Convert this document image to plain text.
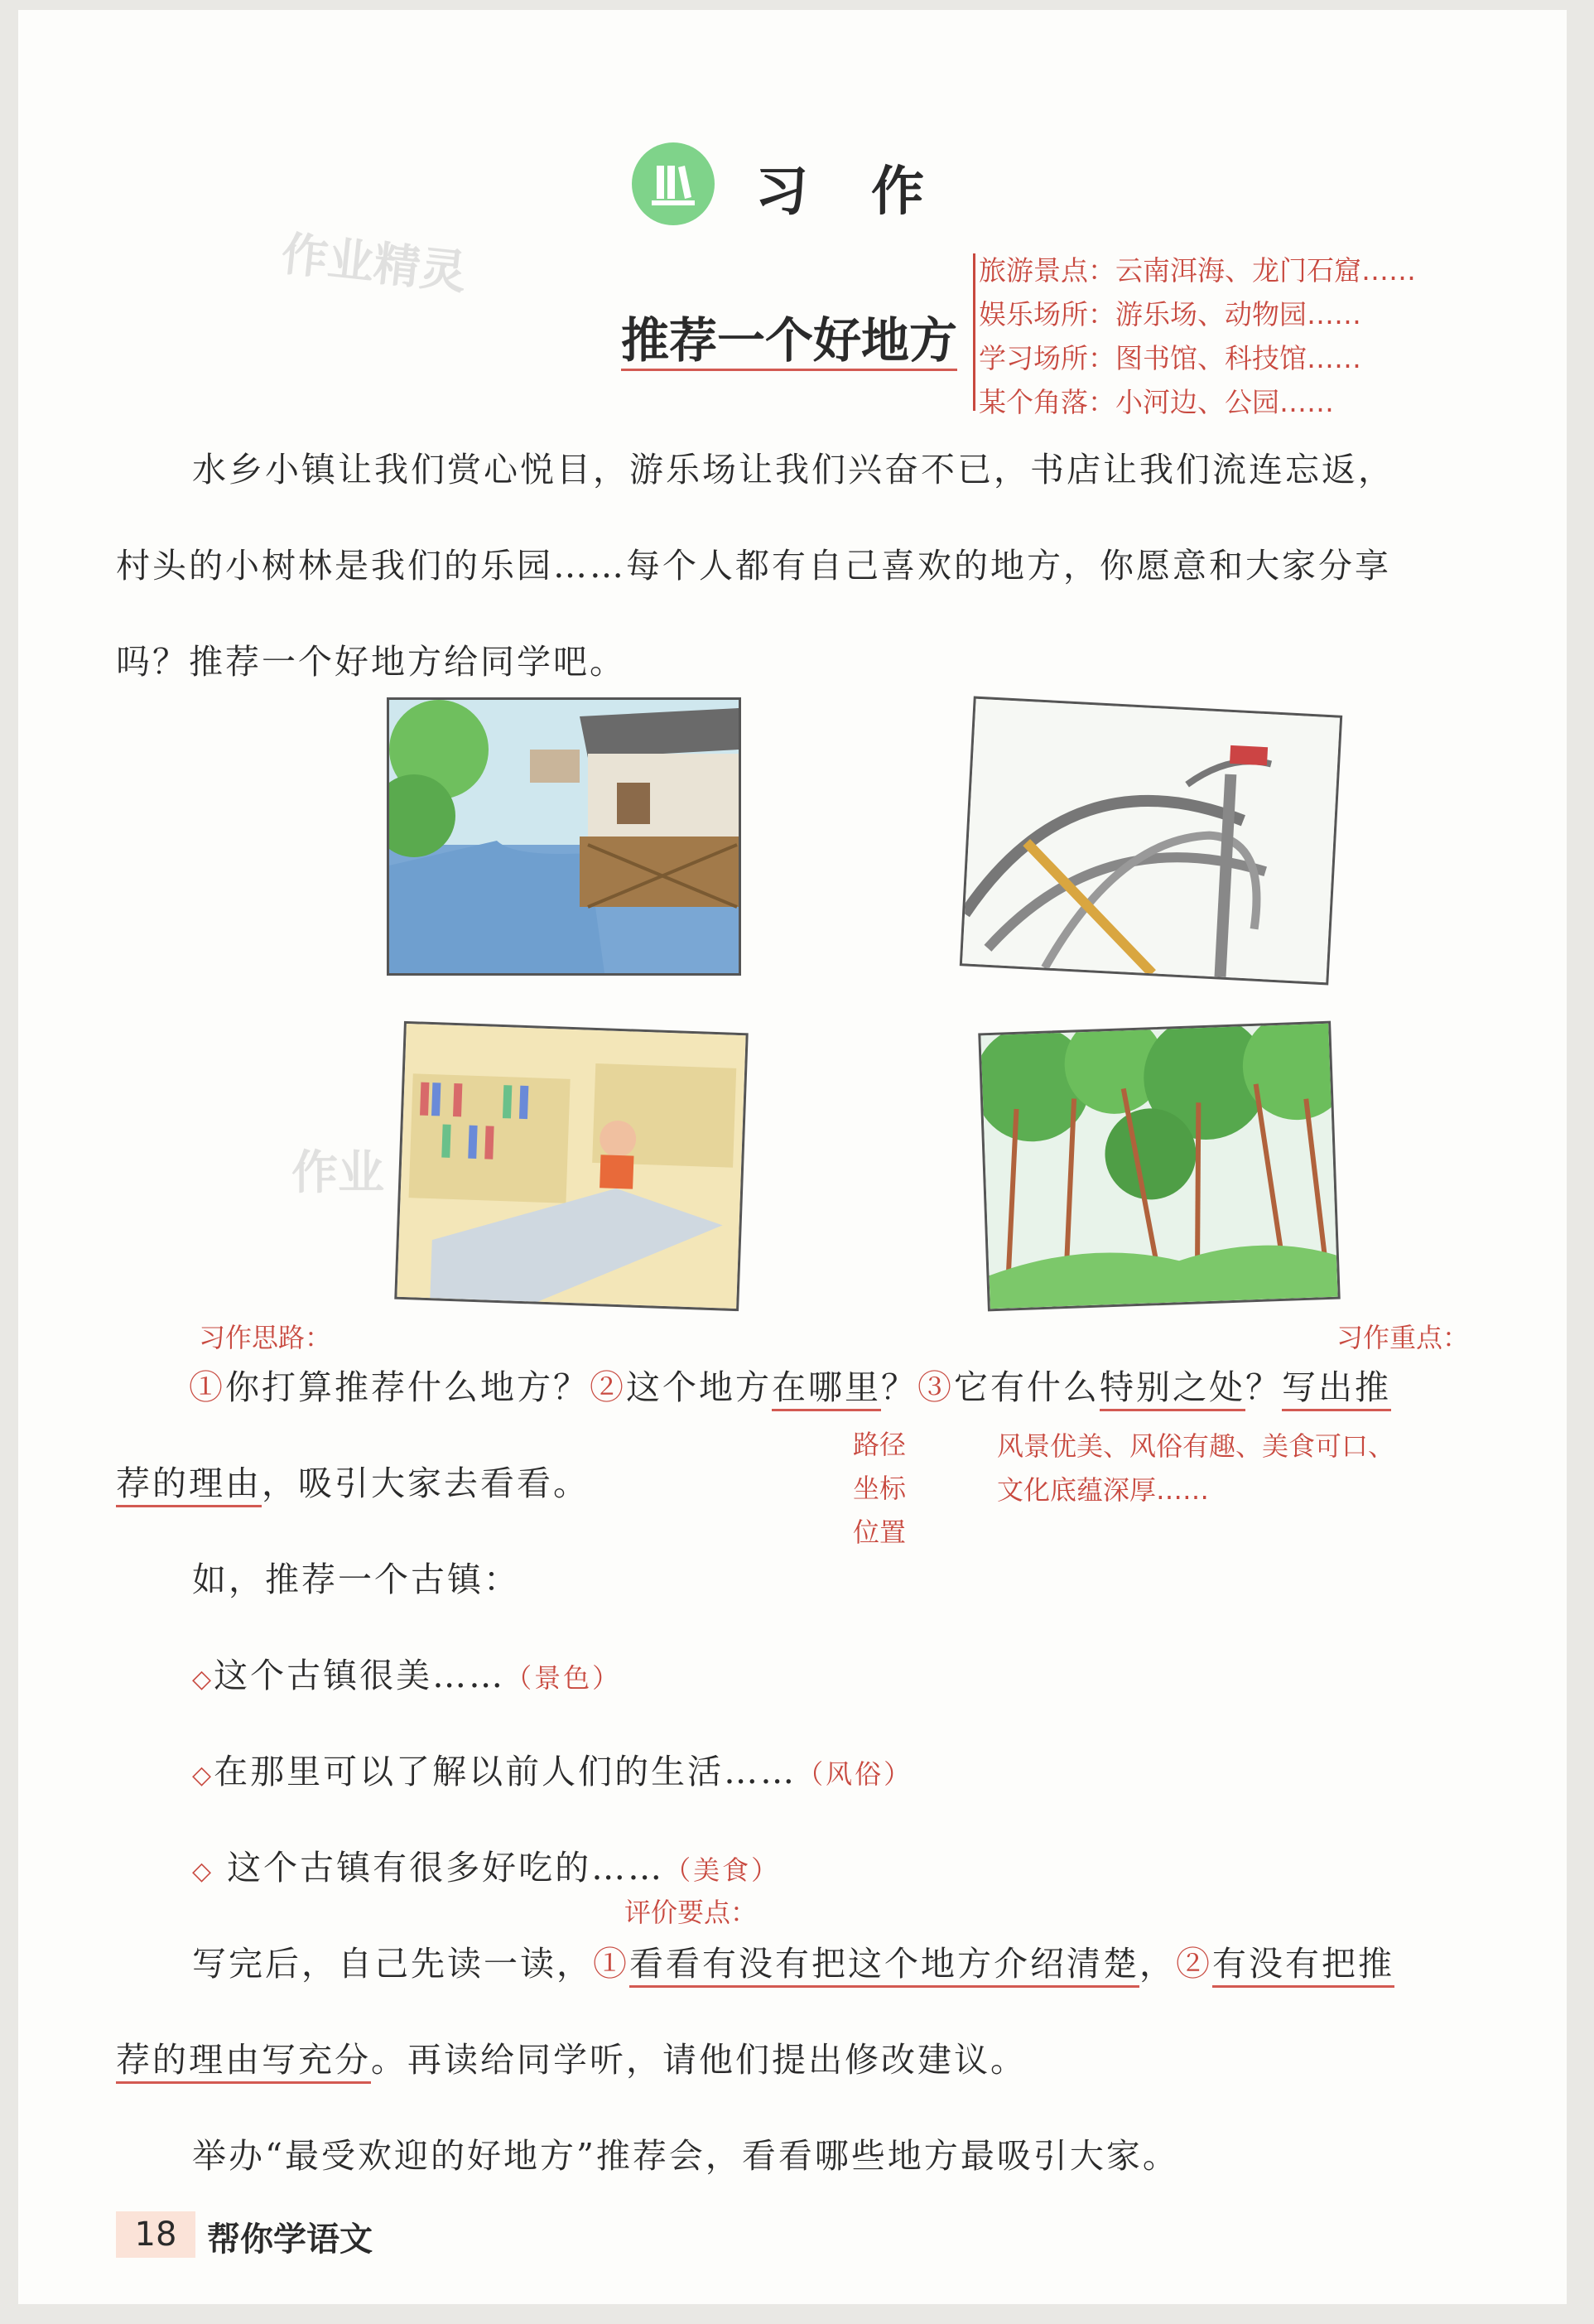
习　作
作业精灵
作业
推荐一个好地方
旅游景点：云南洱海、龙门石窟……
娱乐场所：游乐场、动物园……
学习场所：图书馆、科技馆……
某个角落：小河边、公园……
水乡小镇让我们赏心悦目，游乐场让我们兴奋不已，书店让我们流连忘返，
村头的小树林是我们的乐园……每个人都有自己喜欢的地方，你愿意和大家分享
吗？推荐一个好地方给同学吧。
习作思路：	习作重点：
①你打算推荐什么地方？②这个地方在哪里？③它有什么特别之处？写出推
荐的理由，吸引大家去看看。
路径
坐标
位置
风景优美、风俗有趣、美食可口、
文化底蕴深厚……
如，推荐一个古镇：
◇这个古镇很美……（景色）
◇在那里可以了解以前人们的生活……（风俗）
◇ 这个古镇有很多好吃的……（美食）
评价要点：
写完后，自己先读一读，①看看有没有把这个地方介绍清楚，②有没有把推
荐的理由写充分。再读给同学听，请他们提出修改建议。
举办“最受欢迎的好地方”推荐会，看看哪些地方最吸引大家。
18 帮你学语文
